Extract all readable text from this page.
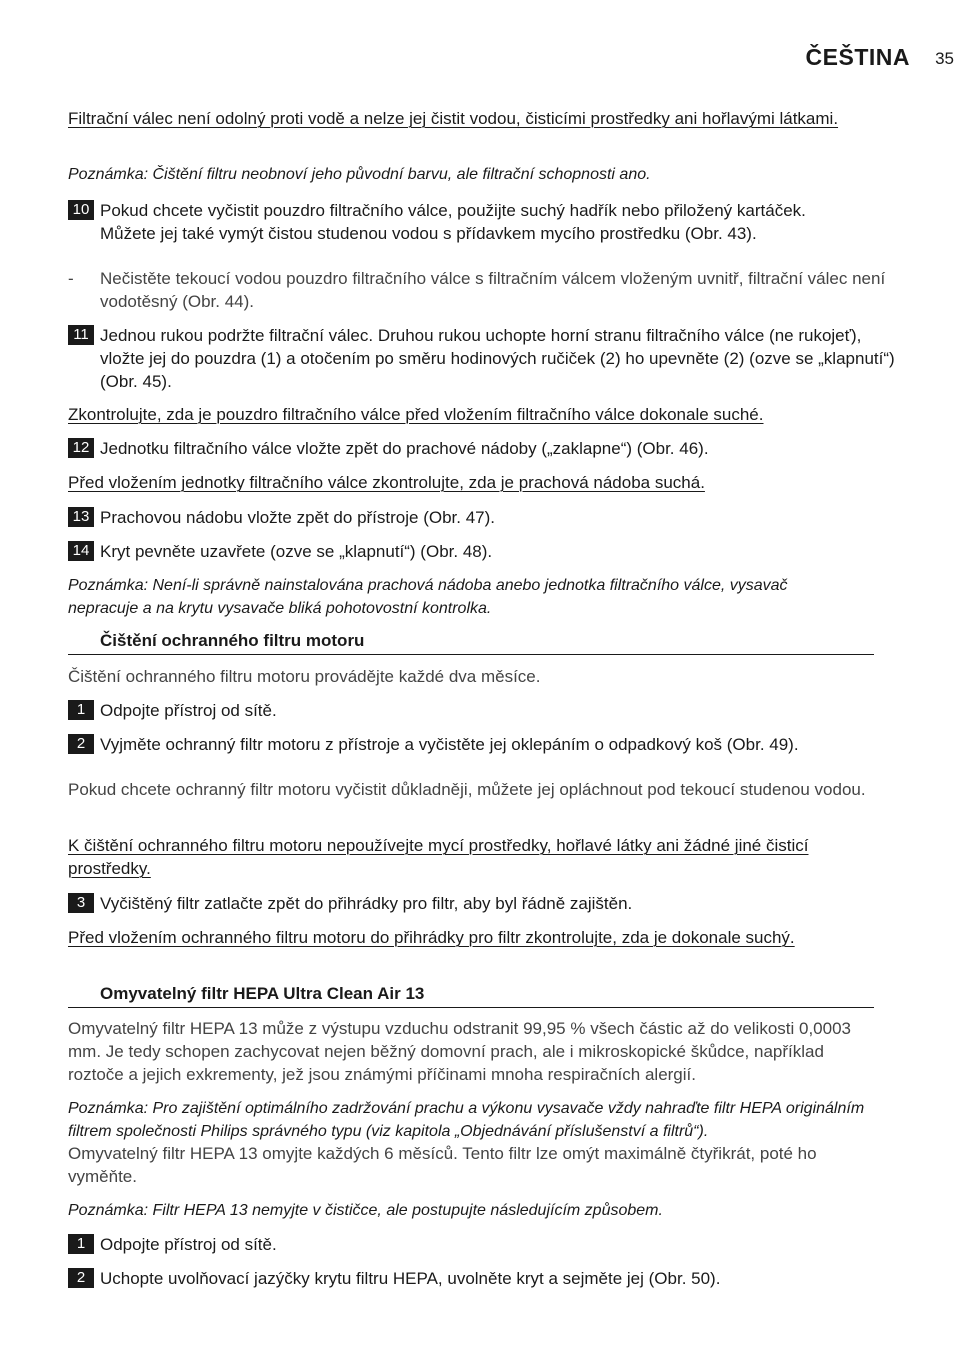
ČEŠTINA 35
Filtrační válec není odolný proti vodě a nelze jej čistit vodou, čisticími prostředky ani hořlavými látkami.
Poznámka: Čištění filtru neobnoví jeho původní barvu, ale filtrační schopnosti ano.
10 Pokud chcete vyčistit pouzdro filtračního válce, použijte suchý hadřík nebo přiložený kartáček. Můžete jej také vymýt čistou studenou vodou s přídavkem mycího prostředku (Obr. 43).
- Nečistěte tekoucí vodou pouzdro filtračního válce s filtračním válcem vloženým uvnitř, filtrační válec není vodotěsný (Obr. 44).
11 Jednou rukou podržte filtrační válec. Druhou rukou uchopte horní stranu filtračního válce (ne rukojeť), vložte jej do pouzdra (1) a otočením po směru hodinových ručiček (2) ho upevněte (2) (ozve se „klapnutí“) (Obr. 45).
Zkontrolujte, zda je pouzdro filtračního válce před vložením filtračního válce dokonale suché.
12 Jednotku filtračního válce vložte zpět do prachové nádoby („zaklapne“) (Obr. 46).
Před vložením jednotky filtračního válce zkontrolujte, zda je prachová nádoba suchá.
13 Prachovou nádobu vložte zpět do přístroje (Obr. 47).
14 Kryt pevněte uzavřete (ozve se „klapnutí“) (Obr. 48).
Poznámka: Není-li správně nainstalována prachová nádoba anebo jednotka filtračního válce, vysavač nepracuje a na krytu vysavače bliká pohotovostní kontrolka.
Čištění ochranného filtru motoru
Čištění ochranného filtru motoru provádějte každé dva měsíce.
1 Odpojte přístroj od sítě.
2 Vyjměte ochranný filtr motoru z přístroje a vyčistěte jej oklepáním o odpadkový koš (Obr. 49).
Pokud chcete ochranný filtr motoru vyčistit důkladněji, můžete jej opláchnout pod tekoucí studenou vodou.
K čištění ochranného filtru motoru nepoužívejte mycí prostředky, hořlavé látky ani žádné jiné čisticí prostředky.
3 Vyčištěný filtr zatlačte zpět do přihrádky pro filtr, aby byl řádně zajištěn.
Před vložením ochranného filtru motoru do přihrádky pro filtr zkontrolujte, zda je dokonale suchý.
Omyvatelný filtr HEPA Ultra Clean Air 13
Omyvatelný filtr HEPA 13 může z výstupu vzduchu odstranit 99,95 % všech částic až do velikosti 0,0003 mm. Je tedy schopen zachycovat nejen běžný domovní prach, ale i mikroskopické škůdce, například roztoče a jejich exkrementy, jež jsou známými příčinami mnoha respiračních alergií.
Poznámka: Pro zajištění optimálního zadržování prachu a výkonu vysavače vždy nahraďte filtr HEPA originálním filtrem společnosti Philips správného typu (viz kapitola „Objednávání příslušenství a filtrů“).
Omyvatelný filtr HEPA 13 omyjte každých 6 měsíců. Tento filtr lze omýt maximálně čtyřikrát, poté ho vyměňte.
Poznámka: Filtr HEPA 13 nemyjte v čističce, ale postupujte následujícím způsobem.
1 Odpojte přístroj od sítě.
2 Uchopte uvolňovací jazýčky krytu filtru HEPA, uvolněte kryt a sejměte jej (Obr. 50).
